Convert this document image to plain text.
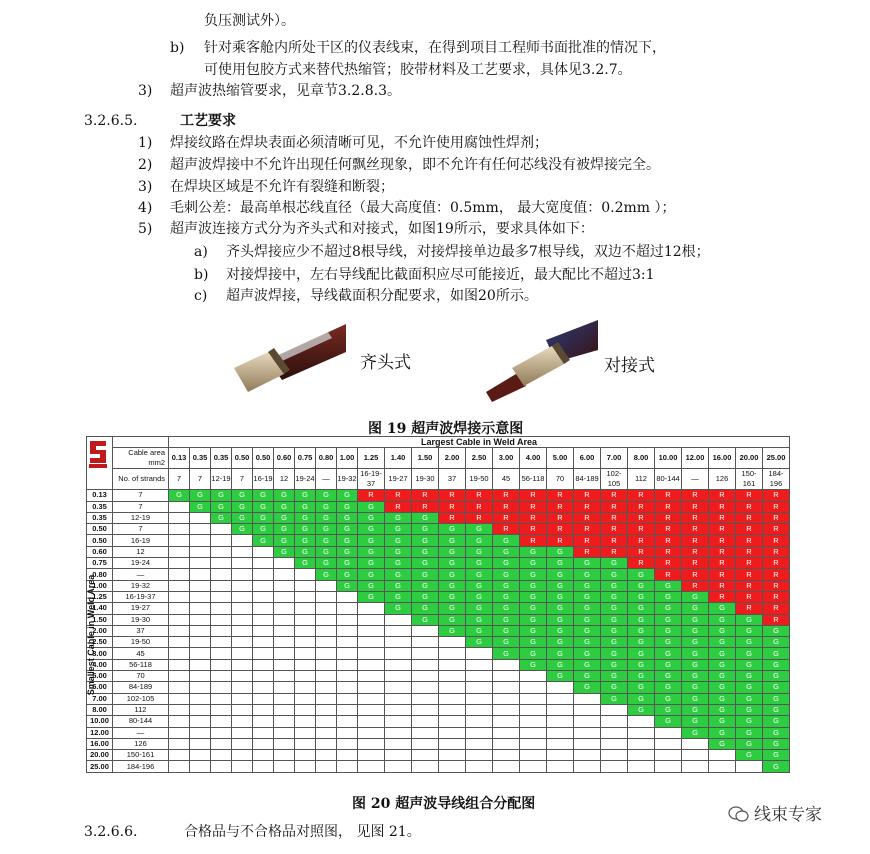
负压测试外）。
b) 针对乘客舱内所处干区的仪表线束，在得到项目工程师书面批准的情况下，
可使用包胶方式来替代热缩管；胶带材料及工艺要求，具体见3.2.7。
3) 超声波热缩管要求，见章节3.2.8.3。
3.2.6.5.	工艺要求
1) 焊接纹路在焊块表面必须清晰可见，不允许使用腐蚀性焊剂；
2) 超声波焊接中不允许出现任何飘丝现象，即不允许有任何芯线没有被焊接完全。
3) 在焊块区域是不允许有裂缝和断裂；
4) 毛刺公差：最高单根芯线直径（最大高度值：0.5mm， 最大宽度值：0.2mm ）；
5) 超声波连接方式分为齐头式和对接式，如图19所示，要求具体如下：
a) 齐头焊接应少不超过8根导线，对接焊接单边最多7根导线，双边不超过12根；
b) 对接焊接中，左右导线配比截面积应尽可能接近，最大配比不超过3:1
c) 超声波焊接，导线截面积分配要求，如图20所示。
齐头式	对接式
3.2.6.6.	合格品与不合格品对照图， 见图 21。
图 19 超声波焊接示意图
		Largest Cable in Weld Area																								
	Cable area mm2	0.13	0.35	0.35	0.50	0.50	0.60	0.75	0.80	1.00	1.25	1.40	1.50	2.00	2.50	3.00	4.00	5.00	6.00	7.00	8.00	10.00	12.00	16.00	20.00	25.00
	No. of strands	7	7	12-19	7	16-19	12	19-24	—	19-32	16-19-37	19-27	19-30	37	19-50	45	56-118	70	84-189	102-105	112	80-144	—	126	150-161	184-196
0.13	7	G	G	G	G	G	G	G	G	G	R	R	R	R	R	R	R	R	R	R	R	R	R	R	R	R
0.35	7		G	G	G	G	G	G	G	G	G	R	R	R	R	R	R	R	R	R	R	R	R	R	R	R
0.35	12-19			G	G	G	G	G	G	G	G	G	G	R	R	R	R	R	R	R	R	R	R	R	R	R
0.50	7				G	G	G	G	G	G	G	G	G	G	G	R	R	R	R	R	R	R	R	R	R	R
0.50	16-19					G	G	G	G	G	G	G	G	G	G	G	R	R	R	R	R	R	R	R	R	R
0.60	12						G	G	G	G	G	G	G	G	G	G	G	G	R	R	R	R	R	R	R	R
0.75	19-24							G	G	G	G	G	G	G	G	G	G	G	G	G	R	R	R	R	R	R
0.80	—								G	G	G	G	G	G	G	G	G	G	G	G	G	R	R	R	R	R
1.00	19-32									G	G	G	G	G	G	G	G	G	G	G	G	G	R	R	R	R
1.25	16-19-37										G	G	G	G	G	G	G	G	G	G	G	G	G	R	R	R
1.40	19-27											G	G	G	G	G	G	G	G	G	G	G	G	G	R	R
1.50	19-30												G	G	G	G	G	G	G	G	G	G	G	G	G	R
2.00	37													G	G	G	G	G	G	G	G	G	G	G	G	G
2.50	19-50														G	G	G	G	G	G	G	G	G	G	G	G
3.00	45															G	G	G	G	G	G	G	G	G	G	G
4.00	56-118																G	G	G	G	G	G	G	G	G	G
5.00	70																	G	G	G	G	G	G	G	G	G
6.00	84-189																		G	G	G	G	G	G	G	G
7.00	102-105																			G	G	G	G	G	G	G
8.00	112																				G	G	G	G	G	G
10.00	80-144																					G	G	G	G	G
12.00	—																						G	G	G	G
16.00	126																							G	G	G
20.00	150-161																								G	G
25.00	184-196																									G
Smallest Cable in Weld Area
图 20 超声波导线组合分配图
线束专家
